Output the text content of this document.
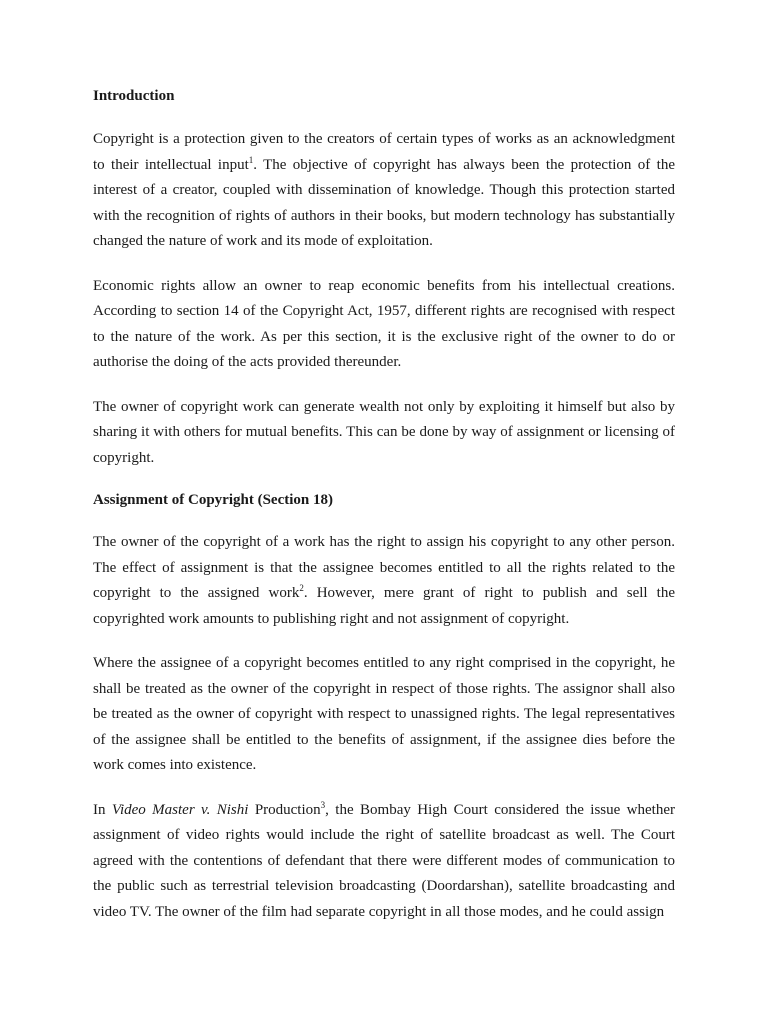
Introduction

Copyright is a protection given to the creators of certain types of works as an acknowledgment to their intellectual input$^1$. The objective of copyright has always been the protection of the interest of a creator, coupled with dissemination of knowledge. Though this protection started with the recognition of rights of authors in their books, but modern technology has substantially changed the nature of work and its mode of exploitation.

Economic rights allow an owner to reap economic benefits from his intellectual creations. According to section 14 of the Copyright Act, 1957, different rights are recognised with respect to the nature of the work. As per this section, it is the exclusive right of the owner to do or authorise the doing of the acts provided thereunder.

The owner of copyright work can generate wealth not only by exploiting it himself but also by sharing it with others for mutual benefits. This can be done by way of assignment or licensing of copyright.

Assignment of Copyright (Section 18)

The owner of the copyright of a work has the right to assign his copyright to any other person. The effect of assignment is that the assignee becomes entitled to all the rights related to the copyright to the assigned work$^2$. However, mere grant of right to publish and sell the copyrighted work amounts to publishing right and not assignment of copyright.

Where the assignee of a copyright becomes entitled to any right comprised in the copyright, he shall be treated as the owner of the copyright in respect of those rights. The assignor shall also be treated as the owner of copyright with respect to unassigned rights. The legal representatives of the assignee shall be entitled to the benefits of assignment, if the assignee dies before the work comes into existence.

In Video Master v. Nishi Production$^3$, the Bombay High Court considered the issue whether assignment of video rights would include the right of satellite broadcast as well. The Court agreed with the contentions of defendant that there were different modes of communication to the public such as terrestrial television broadcasting (Doordarshan), satellite broadcasting and video TV. The owner of the film had separate copyright in all those modes, and he could assign
